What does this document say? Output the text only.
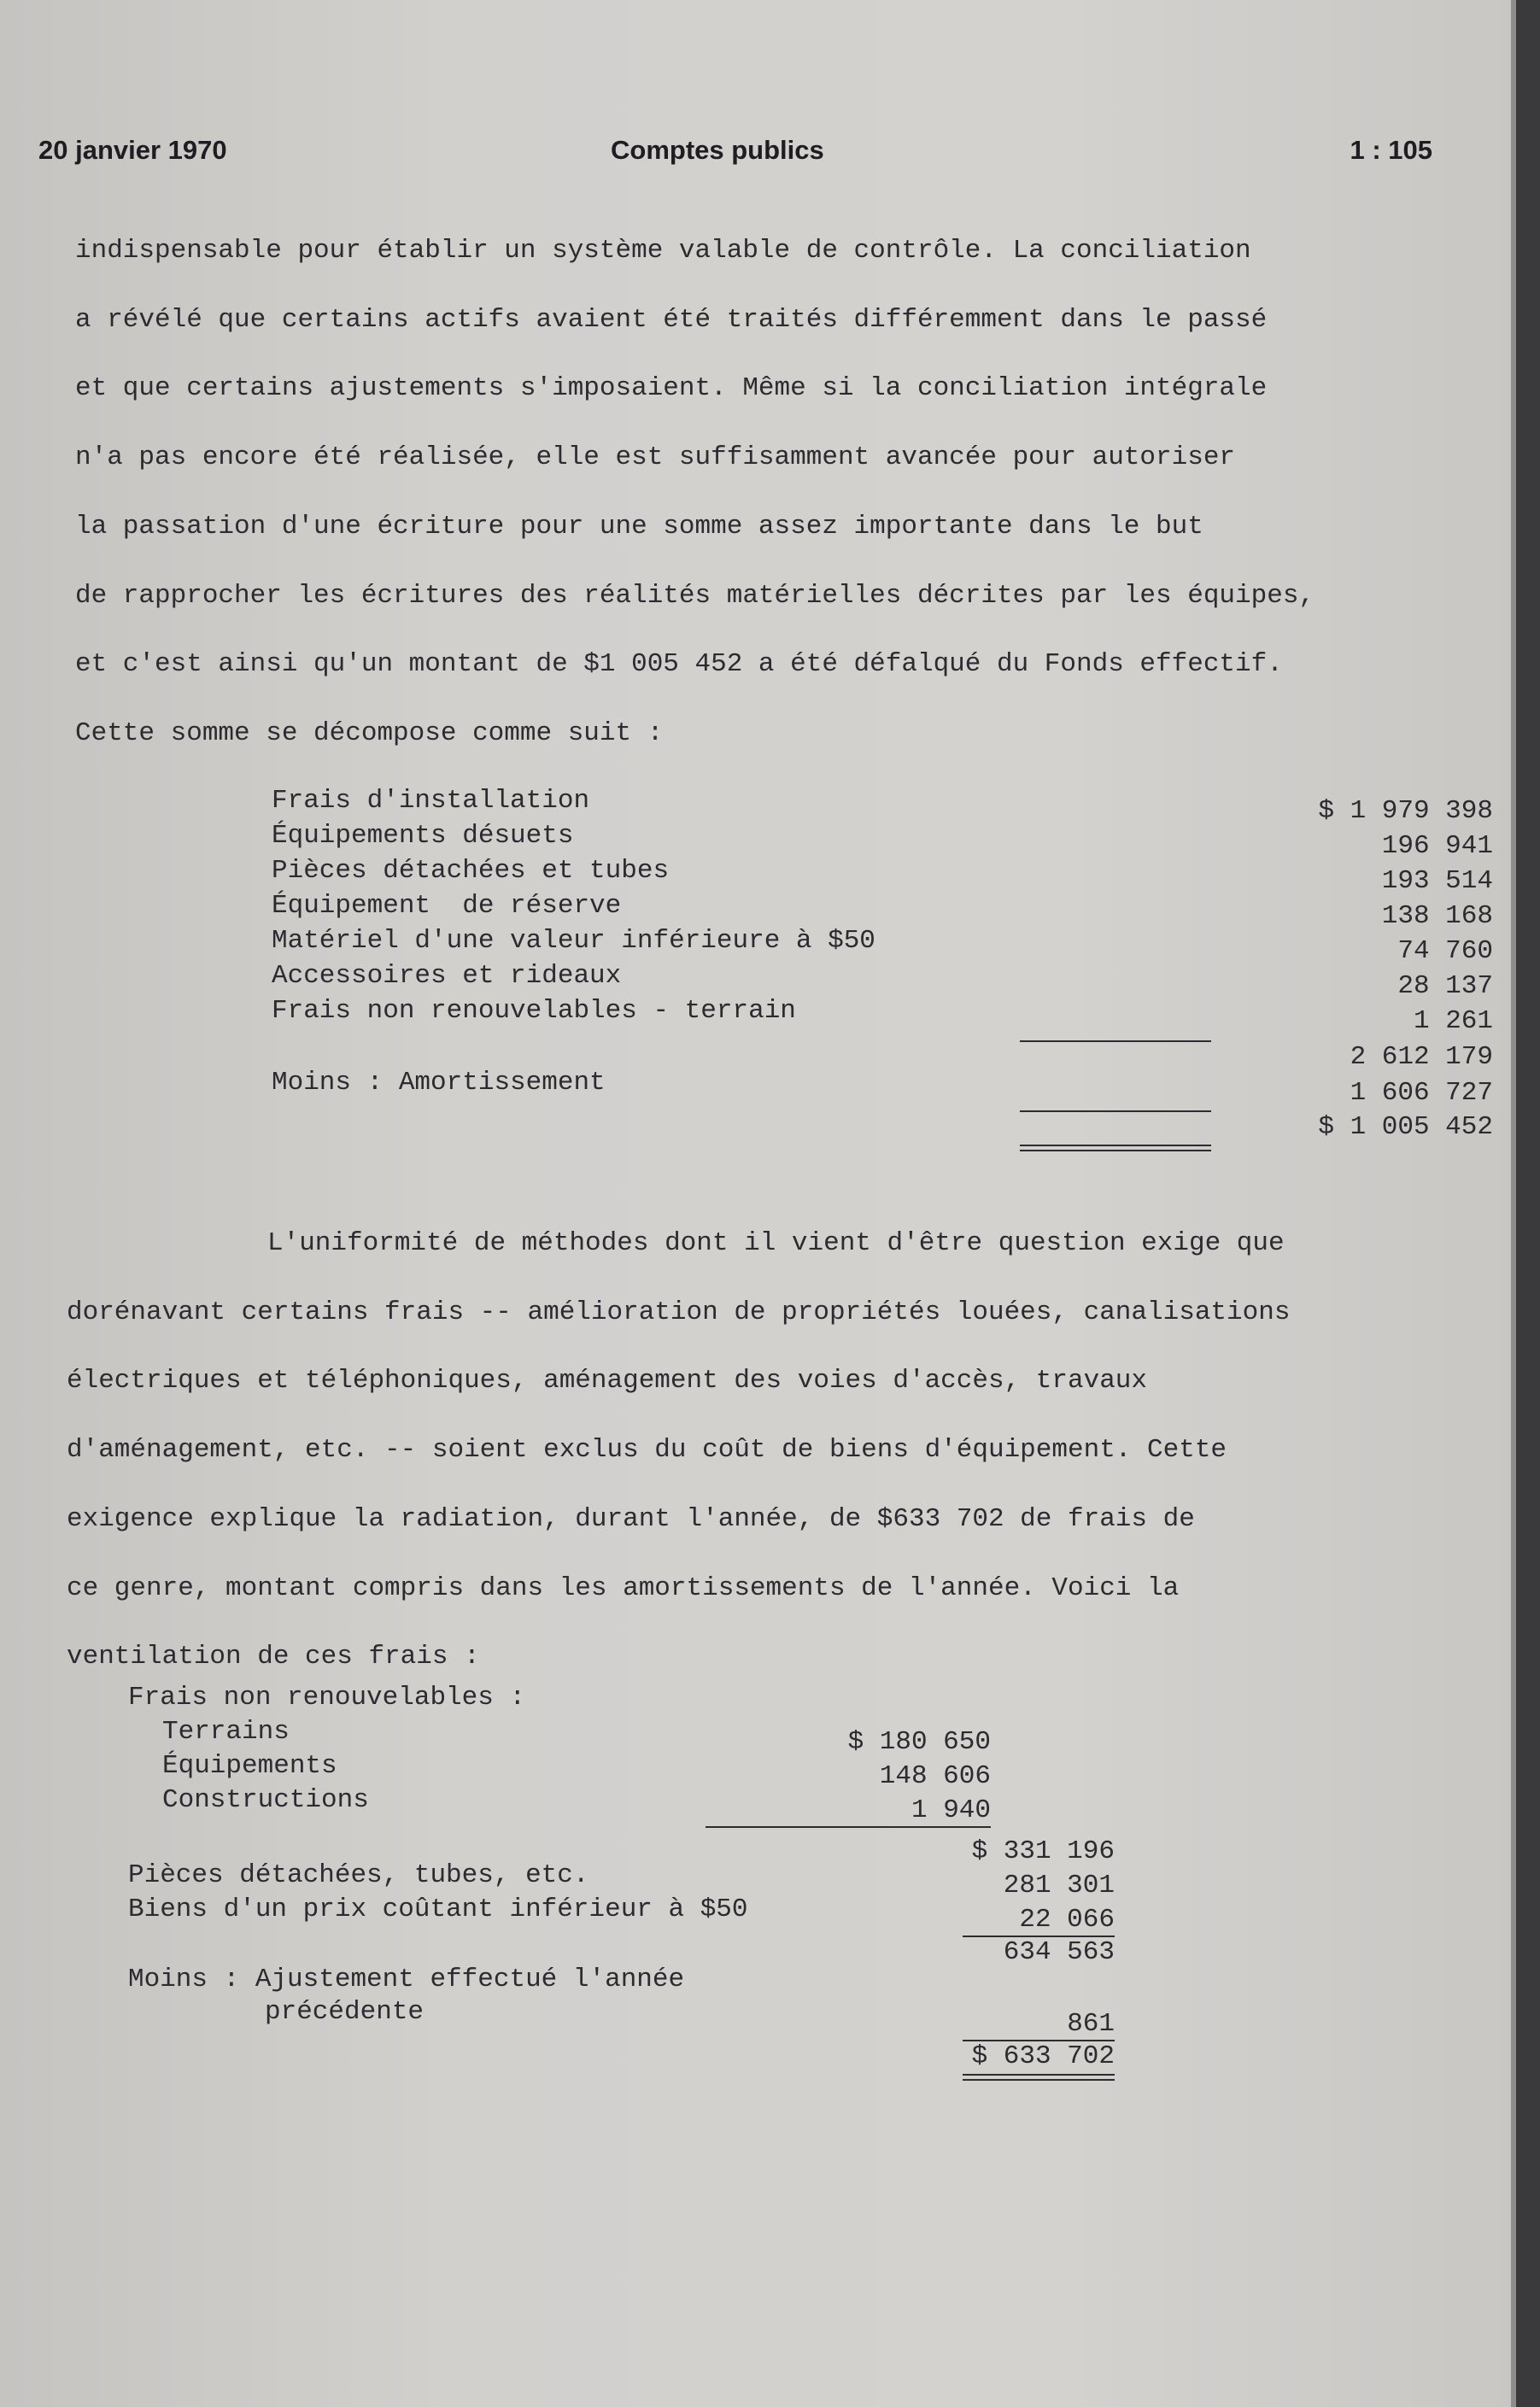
20 janvier 1970	Comptes publics	1 : 105
indispensable pour établir un système valable de contrôle. La conciliation
a révélé que certains actifs avaient été traités différemment dans le passé
et que certains ajustements s'imposaient. Même si la conciliation intégrale
n'a pas encore été réalisée, elle est suffisamment avancée pour autoriser
la passation d'une écriture pour une somme assez importante dans le but
de rapprocher les écritures des réalités matérielles décrites par les équipes,
et c'est ainsi qu'un montant de $1 005 452 a été défalqué du Fonds effectif.
Cette somme se décompose comme suit :
Frais d'installation	$ 1 979 398
Équipements désuets	196 941
Pièces détachées et tubes	193 514
Équipement  de réserve	138 168
Matériel d'une valeur inférieure à $50	74 760
Accessoires et rideaux	28 137
Frais non renouvelables - terrain	1 261
2 612 179
Moins : Amortissement	1 606 727
$ 1 005 452
L'uniformité de méthodes dont il vient d'être question exige que
dorénavant certains frais -- amélioration de propriétés louées, canalisations
électriques et téléphoniques, aménagement des voies d'accès, travaux
d'aménagement, etc. -- soient exclus du coût de biens d'équipement. Cette
exigence explique la radiation, durant l'année, de $633 702 de frais de
ce genre, montant compris dans les amortissements de l'année. Voici la
ventilation de ces frais :
Frais non renouvelables :
Terrains	$ 180 650
Équipements	148 606
Constructions	1 940
$ 331 196
Pièces détachées, tubes, etc.	281 301
Biens d'un prix coûtant inférieur à $50	22 066
634 563
Moins : Ajustement effectué l'année
précédente	861
$ 633 702
